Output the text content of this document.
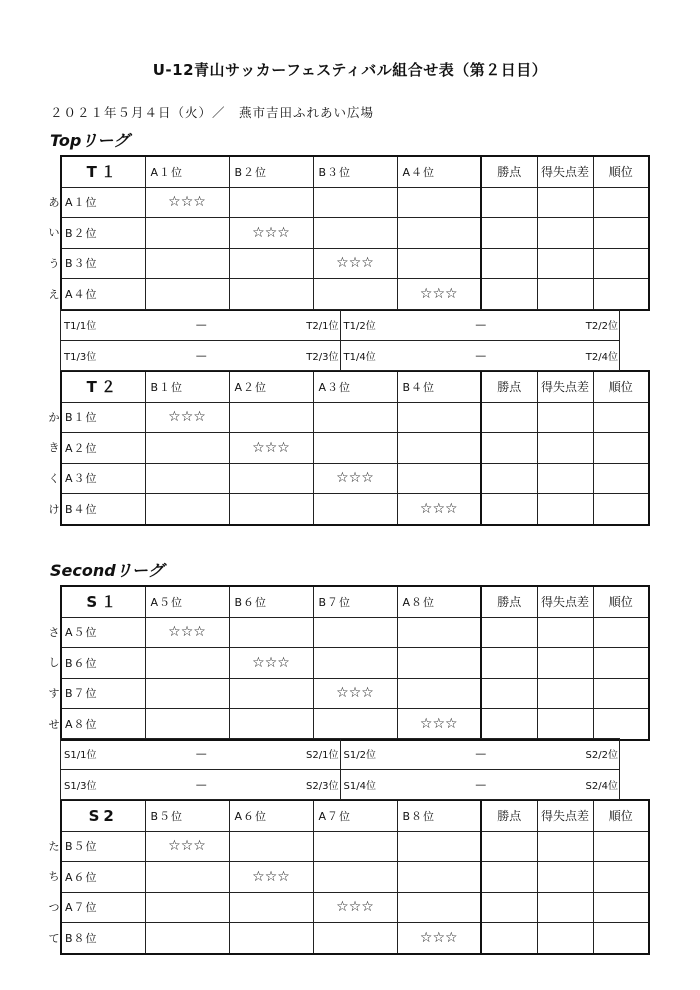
U-12青山サッカーフェスティバル組合せ表（第２日目）
２０２１年５月４日（火）／　燕市吉田ふれあい広場
Topリーグ
あ
い
う
え
T１	A１位	B２位	B３位	A４位	勝点	得失点差	順位
A１位	☆☆☆						
B２位		☆☆☆					
B３位			☆☆☆				
A４位				☆☆☆			
か
き
く
け
T２	B１位	A２位	A３位	B４位	勝点	得失点差	順位
B１位	☆☆☆						
A２位		☆☆☆					
A３位			☆☆☆				
B４位				☆☆☆			
T1/1位 — T2/1位	T1/2位 — T2/2位

T1/3位 — T2/3位	T1/4位 — T2/4位
Secondリーグ
さ
し
す
せ
S１	A５位	B６位	B７位	A８位	勝点	得失点差	順位
A５位	☆☆☆						
B６位		☆☆☆					
B７位			☆☆☆				
A８位				☆☆☆			
た
ち
つ
て
S2	B５位	A６位	A７位	B８位	勝点	得失点差	順位
B５位	☆☆☆						
A６位		☆☆☆					
A７位			☆☆☆				
B８位				☆☆☆			
S1/1位 — S2/1位	S1/2位 — S2/2位

S1/3位 — S2/3位	S1/4位 — S2/4位
